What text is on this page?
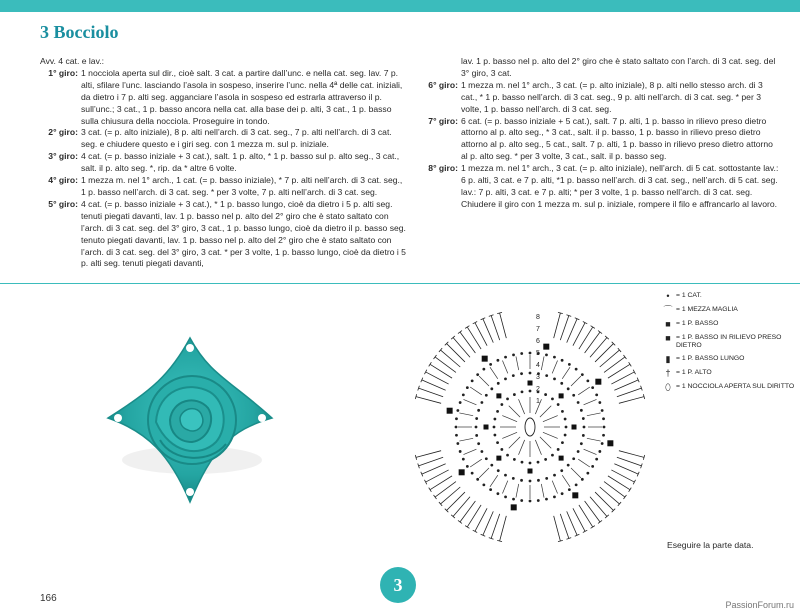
3 Bocciolo
Avv. 4 cat. e lav.:
1° giro: 1 nocciola aperta sul dir., cioè salt. 3 cat. a partire dall’unc. e nella cat. seg. lav. 7 p. alti, sfilare l’unc. lasciando l’asola in sospeso, inserire l’unc. nella 4ª delle cat. iniziali, da dietro i 7 p. alti seg. agganciare l’asola in sospeso ed estrarla attraverso il p. sull’unc.; 3 cat., 1 p. basso ancora nella cat. alla base dei p. alti, 3 cat., 1 p. basso sulla chiusura della nocciola. Proseguire in tondo.
2° giro: 3 cat. (= p. alto iniziale), 8 p. alti nell’arch. di 3 cat. seg., 7 p. alti nell’arch. di 3 cat. seg. e chiudere questo e i giri seg. con 1 mezza m. sul p. iniziale.
3° giro: 4 cat. (= p. basso iniziale + 3 cat.), salt. 1 p. alto, * 1 p. basso sul p. alto seg., 3 cat., salt. il p. alto seg. *, rip. da * altre 6 volte.
4° giro: 1 mezza m. nel 1° arch., 1 cat. (= p. basso iniziale), * 7 p. alti nell’arch. di 3 cat. seg., 1 p. basso nell’arch. di 3 cat. seg. * per 3 volte, 7 p. alti nell’arch. di 3 cat. seg.
5° giro: 4 cat. (= p. basso iniziale + 3 cat.), * 1 p. basso lungo, cioè da dietro i 5 p. alti seg. tenuti piegati davanti, lav. 1 p. basso nel p. alto del 2° giro che è stato saltato con l’arch. di 3 cat. seg. del 3° giro, 3 cat., 1 p. basso lungo, cioè da dietro il p. basso seg. tenuto piegati davanti, lav. 1 p. basso nel p. alto del 2° giro che è stato saltato con l’arch. di 3 cat. seg. del 3° giro, 3 cat. * per 3 volte, 1 p. basso lungo, cioè da dietro i 5 p. alti seg. tenuti piegati davanti,
lav. 1 p. basso nel p. alto del 2° giro che è stato saltato con l’arch. di 3 cat. seg. del 3° giro, 3 cat.
6° giro: 1 mezza m. nel 1° arch., 3 cat. (= p. alto iniziale), 8 p. alti nello stesso arch. di 3 cat., * 1 p. basso nell’arch. di 3 cat. seg., 9 p. alti nell’arch. di 3 cat. seg. * per 3 volte, 1 p. basso nell’arch. di 3 cat. seg.
7° giro: 6 cat. (= p. basso iniziale + 5 cat.), salt. 7 p. alti, 1 p. basso in rilievo preso dietro attorno al p. alto seg., * 3 cat., salt. il p. basso, 1 p. basso in rilievo preso dietro attorno al p. alto seg., 5 cat., salt. 7 p. alti, 1 p. basso in rilievo preso dietro attorno al p. alto seg. * per 3 volte, 3 cat., salt. il p. basso seg.
8° giro: 1 mezza m. nel 1° arch., 3 cat. (= p. alto iniziale), nell’arch. di 5 cat. sottostante lav.: 6 p. alti, 3 cat. e 7 p. alti, *1 p. basso nell’arch. di 3 cat. seg., nell’arch. di 5 cat. seg. lav.: 7 p. alti, 3 cat. e 7 p. alti; * per 3 volte, 1 p. basso nell’arch. di 3 cat. seg. Chiudere il giro con 1 mezza m. sul p. iniziale, rompere il filo e affrancarlo al lavoro.
8
7
6
5
4
3
2
1
• = 1 CAT.
⌒ = 1 MEZZA MAGLIA
■ = 1 P. BASSO
■ = 1 P. BASSO IN RILIEVO PRESO DIETRO
▮ = 1 P. BASSO LUNGO
† = 1 P. ALTO
⬯ = 1 NOCCIOLA APERTA SUL DIRITTO
Eseguire la parte data.
166
3
PassionForum.ru
